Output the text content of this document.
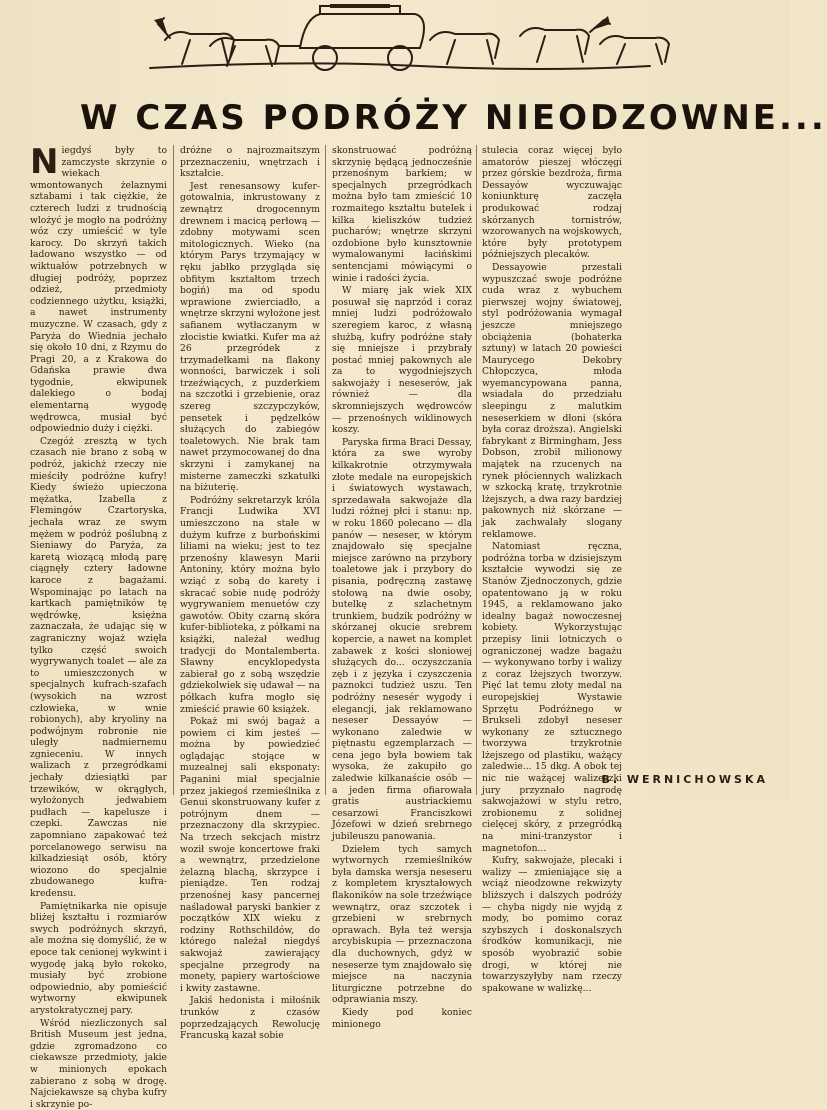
W CZAS PODRÓŻY NIEODZOWNE...

Niegdyś były to zamczyste skrzynie o wiekach wmontowanych żelaznymi sztabami i tak ciężkie, że czterech ludzi z trudnością wlożyć je mogło na podróżny wóz czy umieścić w tyle karocy. Do skrzyń takich ładowano wszystko — od wiktuałów potrzebnych w długiej podróży, poprzez odzież, przedmioty codziennego użytku, książki, a nawet instrumenty muzyczne. W czasach, gdy z Paryża do Wiednia jechało się około 10 dni, z Rzymu do Pragi 20, a z Krakowa do Gdańska prawie dwa tygodnie, ekwipunek dalekiego o bodaj elementarną wygodę wędrowca, musiał być odpowiednio duży i ciężki.

Czegóż zresztą w tych czasach nie brano z sobą w podróż, jakichż rzeczy nie mieściły podróżne kufry! Kiedy świeżo upieczona mężatka, Izabella z Flemingów Czartoryska, jechała wraz ze swym mężem w podróż poślubną z Sieniawy do Paryża, za karetą wiozącą młodą parę ciągnęły cztery ładowne karoce z bagażami. Wspominając po latach na kartkach pamiętników tę wędrówkę, księżna zaznaczała, że udając się w zagraniczny wojaż wzięła tylko część swoich wygrywanych toalet — ale za to umieszczonych w specjalnych kufrach-szafach (wysokich na wzrost człowieka, w wnie robionych), aby kryoliny na podwójnym robronie nie uległy nadmiernemu zgnieceniu. W innych walizach z przegródkami jechały dziesiątki par trzewików, w okrągłych, wyłożonych jedwabiem pudłach — kapelusze i czepki. Zawczas nie zapomniano zapakować też porcelanowego serwisu na kilkadziesiąt osób, który wiozono do specjalnie zbudowanego kufra-kredensu.

Pamiętnikarka nie opisuje bliżej kształtu i rozmiarów swych podróżnych skrzyń, ale można się domyślić, że w epoce tak cenionej wykwint i wygodę jaką było rokoko, musiały być zrobione odpowiednio, aby pomieścić wytworny ekwipunek arystokratycznej pary.

Wśród niezliczonych sal British Museum jest jedna, gdzie zgromadzono co ciekawsze przedmioty, jakie w minionych epokach zabierano z sobą w drogę. Najciekawsze są chyba kufry i skrzynie po-

dróżne o najrozmaitszym przeznaczeniu, wnętrzach i kształcie.

Jest renesansowy kufer-gotowalnia, inkrustowany z zewnątrz drogocennym drewnem i macicą perłową — zdobny motywami scen mitologicznych. Wieko (na którym Parys trzymający w ręku jabłko przygląda się obfitym kształtom trzech bogiń) ma od spodu wprawione zwierciadło, a wnętrze skrzyni wyłożone jest safianem wytłaczanym w złocistie kwiatki. Kufer ma aż 26 przegródek z trzymadełkami na flakony wonności, barwiczek i soli trzeźwiących, z puzderkiem na szczotki i grzebienie, oraz szereg szczypczyków, pensetek i pędzelków służących do zabiegów toaletowych. Nie brak tam nawet przymocowanej do dna skrzyni i zamykanej na misterne zameczki szkatułki na biżuterię.

Podróżny sekretarzyk króla Francji Ludwika XVI umieszczono na stałe w dużym kufrze z burbońskimi liliami na wieku; jest to tez przenośny klawesyn Marii Antoniny, który można było wziąć z sobą do karety i skracać sobie nudę podróży wygrywaniem menuetów czy gawotów. Obity czarną skóra kufer-biblioteka, z półkami na książki, należał według tradycji do Montalemberta. Sławny encyklopedysta zabierał go z sobą wszędzie gdziekolwiek się udawał — na półkach kufra mogło się zmieścić prawie 60 książek.

Pokaż mi swój bagaż a powiem ci kim jesteś — można by powiedzieć oglądając stojące w muzealnej sali eksponaty: Paganini miał specjalnie przez jakiegoś rzemieślnika z Genui skonstruowany kufer z potrójnym dnem — przeznaczony dla skrzypiec. Na trzech sekcjach mistrz woził swoje koncertowe fraki a wewnątrz, przedzielone żelazną blachą, skrzypce i pieniądze. Ten rodzaj przenośnej kasy pancernej naśladował paryski bankier z początków XIX wieku z rodziny Rothschildów, do którego należał niegdyś sakwojaż zawierający specjalne przegrody na monety, papiery wartościowe i kwity zastawne.

Jakiś hedonista i miłośnik trunków z czasów poprzedzających Rewolucję Francuską kazał sobie

skonstruować podróżną skrzynię będącą jednocześnie przenośnym barkiem; w specjalnych przegródkach można było tam zmieścić 10 rozmaitego kształtu butelek i kilka kieliszków tudzież pucharów; wnętrze skrzyni ozdobione było kunsztownie wymalowanymi łacińskimi sentencjami mówiącymi o winie i radości życia.

W miarę jak wiek XIX posuwał się naprzód i coraz mniej ludzi podróżowało szeregiem karoc, z własną służbą, kufry podróżne stały się mniejsze i przybrały postać mniej pakownych ale za to wygodniejszych sakwojaży i neseserów, jak również — dla skromniejszych wędrowców — przenośnych wiklinowych koszy.

Paryska firma Braci Dessay, która za swe wyroby kilkakrotnie otrzymywała złote medale na europejskich i światowych wystawach, sprzedawała sakwojaże dla ludzi różnej płci i stanu: np. w roku 1860 polecano — dla panów — neseser, w którym znajdowało się specjalne miejsce zarówno na przybory toaletowe jak i przybory do pisania, podręczną zastawę stołową na dwie osoby, butelkę z szlachetnym trunkiem, budzik podróżny w skórzanej okucie srebrem kopercie, a nawet na komplet zabawek z kości słoniowej służących do... oczyszczania zęb i z języka i czyszczenia paznokci tudzież uszu. Ten podróżny nesesér wygody i elegancji, jak reklamowano neseser Dessayów — wykonano zaledwie w piętnastu egzemplarzach — cena jego była bowiem tak wysoka, że zakupiło go zaledwie kilkanaście osób — a jeden firma ofiarowała gratis austriackiemu cesarzowi Franciszkowi Józefowi w dzień srebrnego jubileuszu panowania.

Dziełem tych samych wytwornych rzemieślników była damska wersja neseseru z kompletem kryształowych flakoników na sole trzeźwiące wewnątrz, oraz szczotek i grzebieni w srebrnych oprawach. Była też wersja arcybiskupia — przeznaczona dla duchownych, gdyż w neseserze tym znajdowało się miejsce na naczynia liturgiczne potrzebne do odprawiania mszy.

Kiedy pod koniec minionego

stulecia coraz więcej było amatorów pieszej włóczęgi przez górskie bezdroża, firma Dessayów wyczuwając koniunkturę zaczęła produkować rodzaj skórzanych tornistrów, wzorowanych na wojskowych, które były prototypem późniejszych plecaków.

Dessayowie przestali wypuszczać swoje podróżne cuda wraz z wybuchem pierwszej wojny światowej, styl podróżowania wymagał jeszcze mniejszego obciążenia (bohaterka sztuny) w latach 20 powieści Maurycego Dekobry Chłopczyca, młoda wyemancypowana panna, wsiadała do przedziału sleepingu z malutkim neseserkiem w dłoni (skóra była coraz droższa). Angielski fabrykant z Birmingham, Jess Dobson, zrobił milionowy majątek na rzucenych na rynek płóciennych walizkach w szkocką kratę, trzykrotnie lżejszych, a dwa razy bardziej pakownych niż skórzane — jak zachwalały slogany reklamowe.

Natomiast ręczna, podróżna torba w dzisiejszym kształcie wywodzi się ze Stanów Zjednoczonych, gdzie opatentowano ją w roku 1945, a reklamowano jako idealny bagaż nowoczesnej kobiety. Wykorzystując przepisy linii lotniczych o ograniczonej wadze bagażu — wykonywano torby i walizy z coraz lżejszych tworzyw. Pięć lat temu złoty medal na europejskiej Wystawie Sprzętu Podróżnego w Brukseli zdobył neseser wykonany ze sztucznego tworzywa trzykrotnie lżejszego od plastiku, ważący zaledwie... 15 dkg. A obok tej nic nie ważącej walizeczki jury przyznało nagrodę sakwojażowi w stylu retro, zrobionemu z solidnej cielęcej skóry, z przegródką na mini-tranzystor i magnetofon...

Kufry, sakwojaże, plecaki i walizy — zmieniające się a wciąż nieodzowne rekwizyty bliższych i dalszych podróży — chyba nigdy nie wyjdą z mody, bo pomimo coraz szybszych i doskonalszych środków komunikacji, nie sposób wyobrazić sobie drogi, w której nie towarzyszyłyby nam rzeczy spakowane w walizkę...

B. WERNICHOWSKA
